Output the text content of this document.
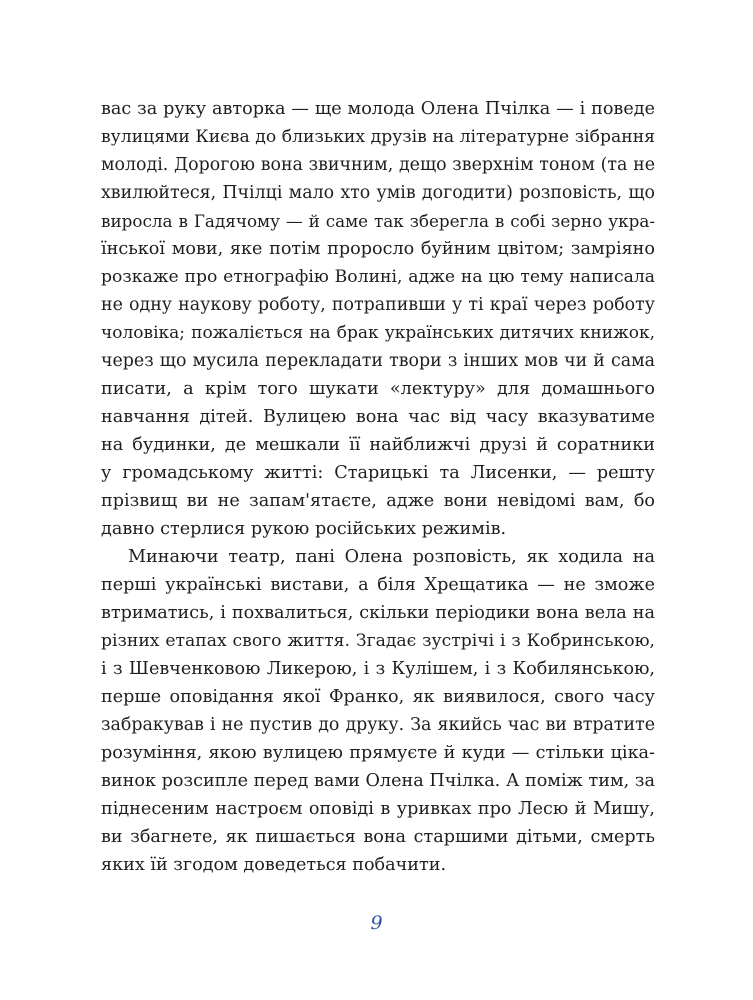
вас за руку авторка — ще молода Олена Пчілка — і поведе
вулицями Києва до близьких друзів на літературне зібрання
молоді. Дорогою вона звичним, дещо зверхнім тоном (та не
хвилюйтеся, Пчілці мало хто умів догодити) розповість, що
виросла в Гадячому — й саме так зберегла в собі зерно укра-
їнської мови, яке потім проросло буйним цвітом; замріяно
розкаже про етнографію Волині, адже на цю тему написала
не одну наукову роботу, потрапивши у ті краї через роботу
чоловіка; пожаліється на брак українських дитячих книжок,
через що мусила перекладати твори з інших мов чи й сама
писати, а крім того шукати «лектуру» для домашнього
навчання дітей. Вулицею вона час від часу вказуватиме
на будинки, де мешкали її найближчі друзі й соратники
у громадському житті: Старицькі та Лисенки, — решту
прізвищ ви не запам'ятаєте, адже вони невідомі вам, бо
давно стерлися рукою російських режимів.
Минаючи театр, пані Олена розповість, як ходила на
перші українські вистави, а біля Хрещатика — не зможе
втриматись, і похвалиться, скільки періодики вона вела на
різних етапах свого життя. Згадає зустрічі і з Кобринською,
і з Шевченковою Ликерою, і з Кулішем, і з Кобилянською,
перше оповідання якої Франко, як виявилося, свого часу
забракував і не пустив до друку. За якийсь час ви втратите
розуміння, якою вулицею прямуєте й куди — стільки ціка-
винок розсипле перед вами Олена Пчілка. А поміж тим, за
піднесеним настроєм оповіді в уривках про Лесю й Мишу,
ви збагнете, як пишається вона старшими дітьми, смерть
яких їй згодом доведеться побачити.
9
